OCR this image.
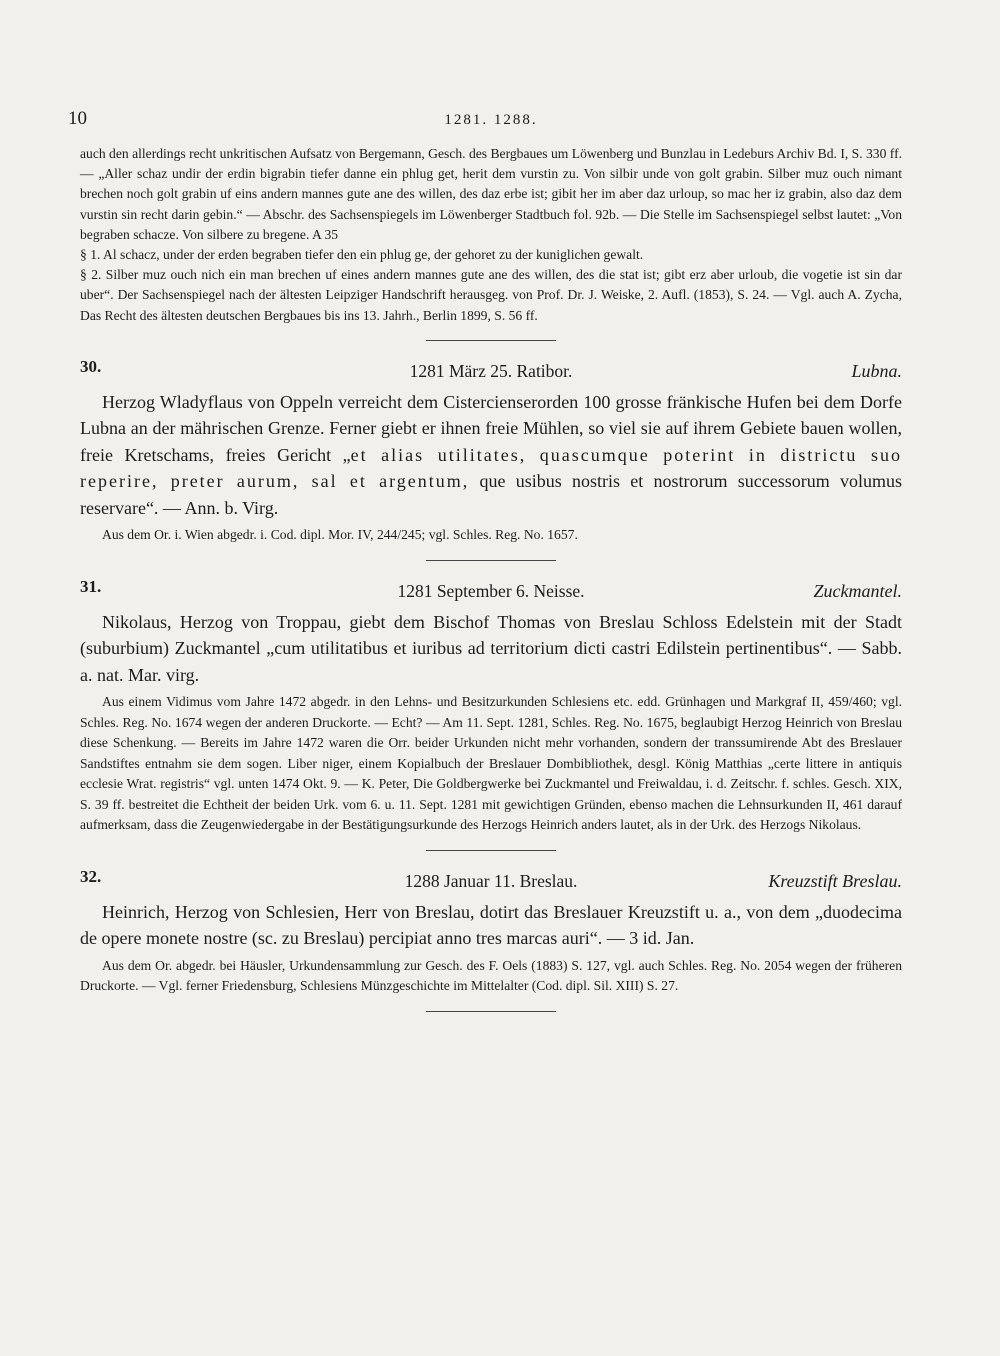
10	1281. 1288.

auch den allerdings recht unkritischen Aufsatz von Bergemann, Gesch. des Bergbaues um Löwenberg und Bunzlau in Ledeburs Archiv Bd. I, S. 330 ff. — „Aller schaz undir der erdin bigrabin tiefer danne ein phlug get, herit dem vurstin zu. Von silbir unde von golt grabin. Silber muz ouch nimant brechen noch golt grabin uf eins andern mannes gute ane des willen, des daz erbe ist; gibit her im aber daz urloup, so mac her iz grabin, also daz dem vurstin sin recht darin gebin.“ — Abschr. des Sachsenspiegels im Löwenberger Stadtbuch fol. 92b. — Die Stelle im Sachsenspiegel selbst lautet: „Von begraben schacze. Von silbere zu bregene. A 35

§ 1. Al schacz, under der erden begraben tiefer den ein phlug ge, der gehoret zu der kuniglichen gewalt.

§ 2. Silber muz ouch nich ein man brechen uf eines andern mannes gute ane des willen, des die stat ist; gibt erz aber urloub, die vogetie ist sin dar uber“. Der Sachsenspiegel nach der ältesten Leipziger Handschrift herausgeg. von Prof. Dr. J. Weiske, 2. Aufl. (1853), S. 24. — Vgl. auch A. Zycha, Das Recht des ältesten deutschen Bergbaues bis ins 13. Jahrh., Berlin 1899, S. 56 ff.

30.	1281 März 25. Ratibor.	Lubna.

Herzog Wladyflaus von Oppeln verreicht dem Cistercienserorden 100 grosse fränkische Hufen bei dem Dorfe Lubna an der mährischen Grenze. Ferner giebt er ihnen freie Mühlen, so viel sie auf ihrem Gebiete bauen wollen, freie Kretschams, freies Gericht „et alias utilitates, quascumque poterint in districtu suo reperire, preter aurum, sal et argentum, que usibus nostris et nostrorum successorum volumus reservare“. — Ann. b. Virg.

Aus dem Or. i. Wien abgedr. i. Cod. dipl. Mor. IV, 244/245; vgl. Schles. Reg. No. 1657.

31.	1281 September 6. Neisse.	Zuckmantel.

Nikolaus, Herzog von Troppau, giebt dem Bischof Thomas von Breslau Schloss Edelstein mit der Stadt (suburbium) Zuckmantel „cum utilitatibus et iuribus ad territorium dicti castri Edilstein pertinentibus“. — Sabb. a. nat. Mar. virg.

Aus einem Vidimus vom Jahre 1472 abgedr. in den Lehns- und Besitzurkunden Schlesiens etc. edd. Grünhagen und Markgraf II, 459/460; vgl. Schles. Reg. No. 1674 wegen der anderen Druckorte. — Echt? — Am 11. Sept. 1281, Schles. Reg. No. 1675, beglaubigt Herzog Heinrich von Breslau diese Schenkung. — Bereits im Jahre 1472 waren die Orr. beider Urkunden nicht mehr vorhanden, sondern der transsumirende Abt des Breslauer Sandstiftes entnahm sie dem sogen. Liber niger, einem Kopialbuch der Breslauer Dombibliothek, desgl. König Matthias „certe littere in antiquis ecclesie Wrat. registris“ vgl. unten 1474 Okt. 9. — K. Peter, Die Goldbergwerke bei Zuckmantel und Freiwaldau, i. d. Zeitschr. f. schles. Gesch. XIX, S. 39 ff. bestreitet die Echtheit der beiden Urk. vom 6. u. 11. Sept. 1281 mit gewichtigen Gründen, ebenso machen die Lehnsurkunden II, 461 darauf aufmerksam, dass die Zeugenwiedergabe in der Bestätigungsurkunde des Herzogs Heinrich anders lautet, als in der Urk. des Herzogs Nikolaus.

32.	1288 Januar 11. Breslau.	Kreuzstift Breslau.

Heinrich, Herzog von Schlesien, Herr von Breslau, dotirt das Breslauer Kreuzstift u. a., von dem „duodecima de opere monete nostre (sc. zu Breslau) percipiat anno tres marcas auri“. — 3 id. Jan.

Aus dem Or. abgedr. bei Häusler, Urkundensammlung zur Gesch. des F. Oels (1883) S. 127, vgl. auch Schles. Reg. No. 2054 wegen der früheren Druckorte. — Vgl. ferner Friedensburg, Schlesiens Münzgeschichte im Mittelalter (Cod. dipl. Sil. XIII) S. 27.
